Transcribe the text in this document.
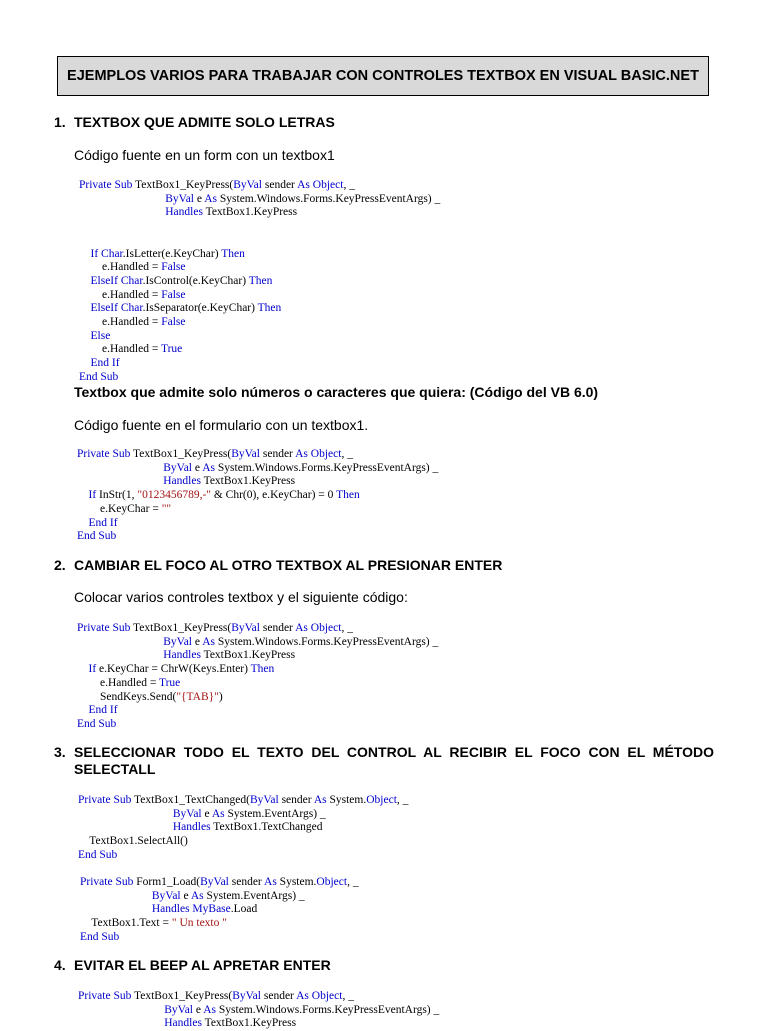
EJEMPLOS VARIOS PARA TRABAJAR CON CONTROLES TEXTBOX EN VISUAL BASIC.NET
1. TEXTBOX QUE ADMITE SOLO LETRAS
Código fuente en un form con un textbox1
Private Sub TextBox1_KeyPress(ByVal sender As Object, _
ByVal e As System.Windows.Forms.KeyPressEventArgs) _
Handles TextBox1.KeyPress

If Char.IsLetter(e.KeyChar) Then
e.Handled = False
ElseIf Char.IsControl(e.KeyChar) Then
e.Handled = False
ElseIf Char.IsSeparator(e.KeyChar) Then
e.Handled = False
Else
e.Handled = True
End If
End Sub
Textbox que admite solo números o caracteres que quiera: (Código del VB 6.0)
Código fuente en el formulario con un textbox1.
Private Sub TextBox1_KeyPress(ByVal sender As Object, _
ByVal e As System.Windows.Forms.KeyPressEventArgs) _
Handles TextBox1.KeyPress
If InStr(1, "0123456789,-" & Chr(0), e.KeyChar) = 0 Then
e.KeyChar = ""
End If
End Sub
2. CAMBIAR EL FOCO AL OTRO TEXTBOX AL PRESIONAR ENTER
Colocar varios controles textbox y el siguiente código:
Private Sub TextBox1_KeyPress(ByVal sender As Object, _
ByVal e As System.Windows.Forms.KeyPressEventArgs) _
Handles TextBox1.KeyPress
If e.KeyChar = ChrW(Keys.Enter) Then
e.Handled = True
SendKeys.Send("{TAB}")
End If
End Sub
3. SELECCIONAR TODO EL TEXTO DEL CONTROL AL RECIBIR EL FOCO CON EL MÉTODO SELECTALL
Private Sub TextBox1_TextChanged(ByVal sender As System.Object, _
ByVal e As System.EventArgs) _
Handles TextBox1.TextChanged
TextBox1.SelectAll()
End Sub
Private Sub Form1_Load(ByVal sender As System.Object, _
ByVal e As System.EventArgs) _
Handles MyBase.Load
TextBox1.Text = " Un texto "
End Sub
4. EVITAR EL BEEP AL APRETAR ENTER
Private Sub TextBox1_KeyPress(ByVal sender As Object, _
ByVal e As System.Windows.Forms.KeyPressEventArgs) _
Handles TextBox1.KeyPress
